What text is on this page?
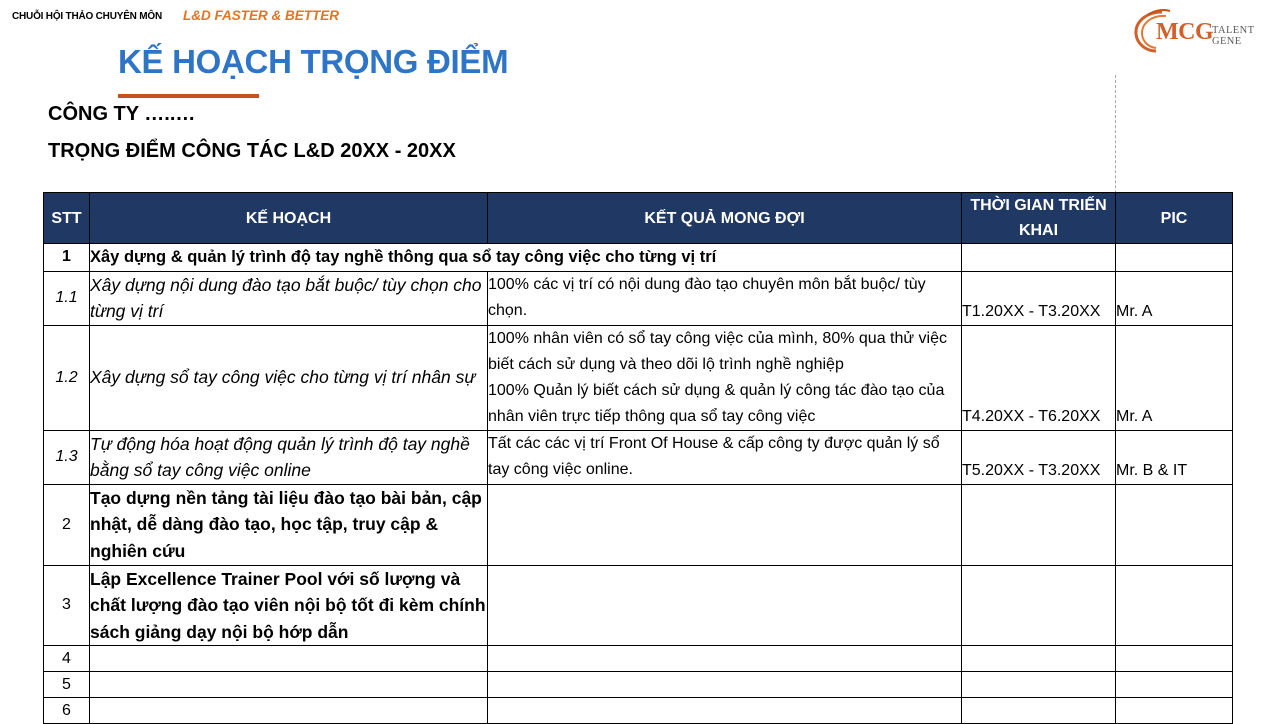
CHUỖI HỘI THẢO CHUYÊN MÔN L&D FASTER & BETTER
KẾ HOẠCH TRỌNG ĐIỂM
CÔNG TY …..…
TRỌNG ĐIỂM CÔNG TÁC L&D 20XX - 20XX
MCG
TALENT
GENE
STT	KẾ HOẠCH	KẾT QUẢ MONG ĐỢI	THỜI GIAN TRIẾN KHAI	PIC
1	Xây dựng & quản lý trình độ tay nghề thông qua sổ tay công việc cho từng vị trí			
1.1	Xây dựng nội dung đào tạo bắt buộc/ tùy chọn cho từng vị trí	100% các vị trí có nội dung đào tạo chuyên môn bắt buộc/ tùy chọn.	T1.20XX - T3.20XX	Mr. A
1.2	Xây dựng sổ tay công việc cho từng vị trí nhân sự	100% nhân viên có sổ tay công việc của mình, 80% qua thử việc biết cách sử dụng và theo dõi lộ trình nghề nghiệp
100% Quản lý biết cách sử dụng & quản lý công tác đào tạo của nhân viên trực tiếp thông qua sổ tay công việc	T4.20XX - T6.20XX	Mr. A
1.3	Tự động hóa hoạt động quản lý trình độ tay nghề bằng sổ tay công việc online	Tất các các vị trí Front Of House & cấp công ty được quản lý sổ tay công việc online.	T5.20XX - T3.20XX	Mr. B & IT
2	Tạo dựng nền tảng tài liệu đào tạo bài bản, cập nhật, dễ dàng đào tạo, học tập, truy cập & nghiên cứu			
3	Lập Excellence Trainer Pool với số lượng và chất lượng đào tạo viên nội bộ tốt đi kèm chính sách giảng dạy nội bộ hớp dẫn			
4				
5				
6				
